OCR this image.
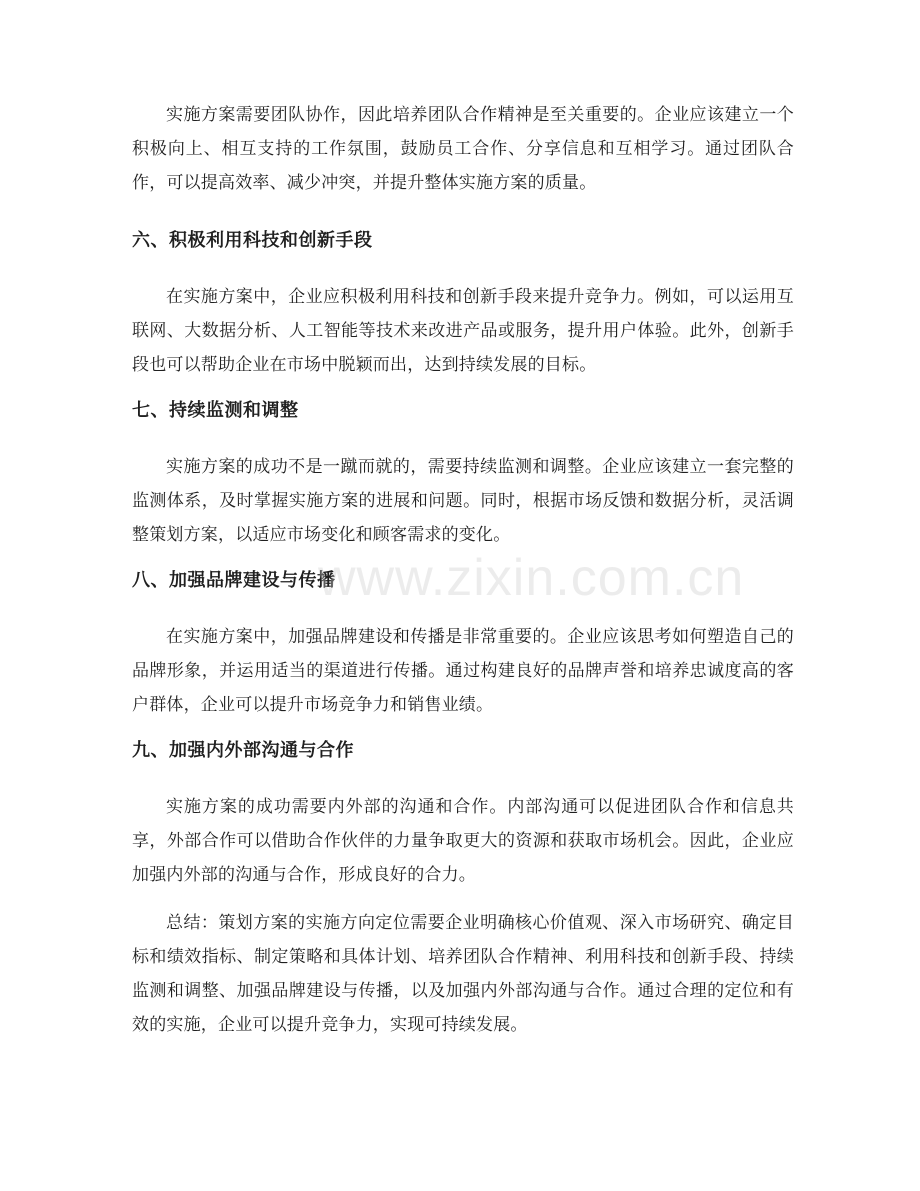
实施方案需要团队协作，因此培养团队合作精神是至关重要的。企业应该建立一个积极向上、相互支持的工作氛围，鼓励员工合作、分享信息和互相学习。通过团队合作，可以提高效率、减少冲突，并提升整体实施方案的质量。

六、积极利用科技和创新手段

在实施方案中，企业应积极利用科技和创新手段来提升竞争力。例如，可以运用互联网、大数据分析、人工智能等技术来改进产品或服务，提升用户体验。此外，创新手段也可以帮助企业在市场中脱颖而出，达到持续发展的目标。

七、持续监测和调整

实施方案的成功不是一蹴而就的，需要持续监测和调整。企业应该建立一套完整的监测体系，及时掌握实施方案的进展和问题。同时，根据市场反馈和数据分析，灵活调整策划方案，以适应市场变化和顾客需求的变化。

八、加强品牌建设与传播

在实施方案中，加强品牌建设和传播是非常重要的。企业应该思考如何塑造自己的品牌形象，并运用适当的渠道进行传播。通过构建良好的品牌声誉和培养忠诚度高的客户群体，企业可以提升市场竞争力和销售业绩。

九、加强内外部沟通与合作

实施方案的成功需要内外部的沟通和合作。内部沟通可以促进团队合作和信息共享，外部合作可以借助合作伙伴的力量争取更大的资源和获取市场机会。因此，企业应加强内外部的沟通与合作，形成良好的合力。

总结：策划方案的实施方向定位需要企业明确核心价值观、深入市场研究、确定目标和绩效指标、制定策略和具体计划、培养团队合作精神、利用科技和创新手段、持续监测和调整、加强品牌建设与传播，以及加强内外部沟通与合作。通过合理的定位和有效的实施，企业可以提升竞争力，实现可持续发展。

www.zixin.com.cn
